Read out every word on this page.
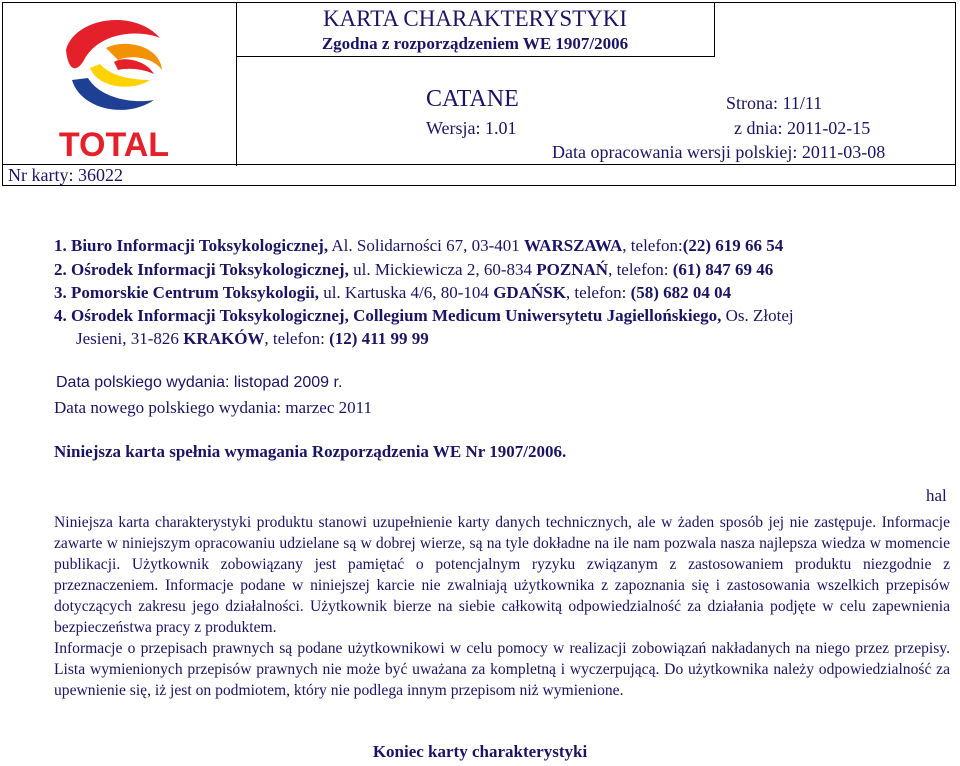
TOTAL
KARTA CHARAKTERYSTYKI
Zgodna z rozporządzeniem WE 1907/2006
CATANE	Strona: 11/11
Wersja: 1.01	z dnia: 2011-02-15
Data opracowania wersji polskiej: 2011-03-08
Nr karty: 36022
1. Biuro Informacji Toksykologicznej, Al. Solidarności 67, 03-401 WARSZAWA, telefon:(22) 619 66 54
2. Ośrodek Informacji Toksykologicznej, ul. Mickiewicza 2, 60-834 POZNAŃ, telefon: (61) 847 69 46
3. Pomorskie Centrum Toksykologii, ul. Kartuska 4/6, 80-104 GDAŃSK, telefon: (58) 682 04 04
4. Ośrodek Informacji Toksykologicznej, Collegium Medicum Uniwersytetu Jagiellońskiego, Os. Złotej
Jesieni, 31-826 KRAKÓW, telefon: (12) 411 99 99
Data polskiego wydania: listopad 2009 r.
Data nowego polskiego wydania: marzec 2011
Niniejsza karta spełnia wymagania Rozporządzenia WE Nr 1907/2006.
hal

Niniejsza karta charakterystyki produktu stanowi uzupełnienie karty danych technicznych, ale w żaden sposób jej nie zastępuje. Informacje zawarte w niniejszym opracowaniu udzielane są w dobrej wierze, są na tyle dokładne na ile nam pozwala nasza najlepsza wiedza w momencie publikacji. Użytkownik zobowiązany jest pamiętać o potencjalnym ryzyku związanym z zastosowaniem produktu niezgodnie z przeznaczeniem. Informacje podane w niniejszej karcie nie zwalniają użytkownika z zapoznania się i zastosowania wszelkich przepisów dotyczących zakresu jego działalności. Użytkownik bierze na siebie całkowitą odpowiedzialność za działania podjęte w celu zapewnienia bezpieczeństwa pracy z produktem.

Informacje o przepisach prawnych są podane użytkownikowi w celu pomocy w realizacji zobowiązań nakładanych na niego przez przepisy. Lista wymienionych przepisów prawnych nie może być uważana za kompletną i wyczerpującą. Do użytkownika należy odpowiedzialność za upewnienie się, iż jest on podmiotem, który nie podlega innym przepisom niż wymienione.

Koniec karty charakterystyki
